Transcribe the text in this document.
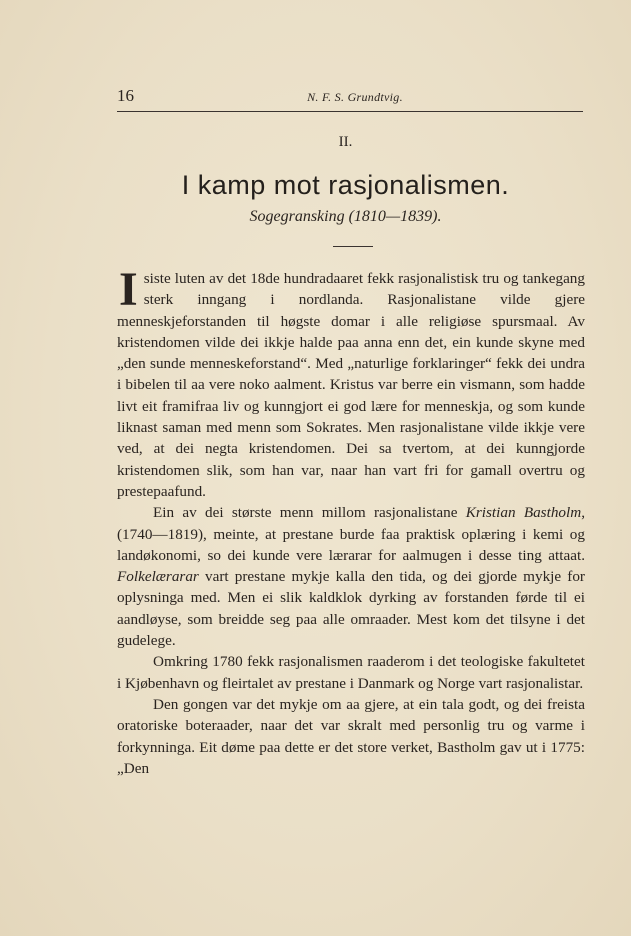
16	N. F. S. Grundtvig.
II.
I kamp mot rasjonalismen.
Sogegransking (1810—1839).

Isiste luten av det 18de hundradaaret fekk rasjonalistisk tru og tankegang sterk inngang i nordlanda. Rasjonalistane vilde gjere menneskjeforstanden til høgste domar i alle religiøse spursmaal. Av kristendomen vilde dei ikkje halde paa anna enn det, ein kunde skyne med „den sunde menneskeforstand“. Med „naturlige forklaringer“ fekk dei undra i bibelen til aa vere noko aalment. Kristus var berre ein vismann, som hadde livt eit framifraa liv og kunngjort ei god lære for menneskja, og som kunde liknast saman med menn som Sokrates. Men rasjonalistane vilde ikkje vere ved, at dei negta kristendomen. Dei sa tvertom, at dei kunngjorde kristendomen slik, som han var, naar han vart fri for gamall overtru og prestepaafund.

Ein av dei største menn millom rasjonalistane Kristian Bastholm, (1740—1819), meinte, at prestane burde faa praktisk oplæring i kemi og landøkonomi, so dei kunde vere lærarar for aalmugen i desse ting attaat. Folkelærarar vart prestane mykje kalla den tida, og dei gjorde mykje for oplysninga med. Men ei slik kaldklok dyrking av forstanden førde til ei aandløyse, som breidde seg paa alle omraader. Mest kom det tilsyne i det gudelege.

Omkring 1780 fekk rasjonalismen raaderom i det teologiske fakultetet i Kjøbenhavn og fleirtalet av prestane i Danmark og Norge vart rasjonalistar.

Den gongen var det mykje om aa gjere, at ein tala godt, og dei freista oratoriske boteraader, naar det var skralt med personlig tru og varme i forkynninga. Eit døme paa dette er det store verket, Bastholm gav ut i 1775: „Den
